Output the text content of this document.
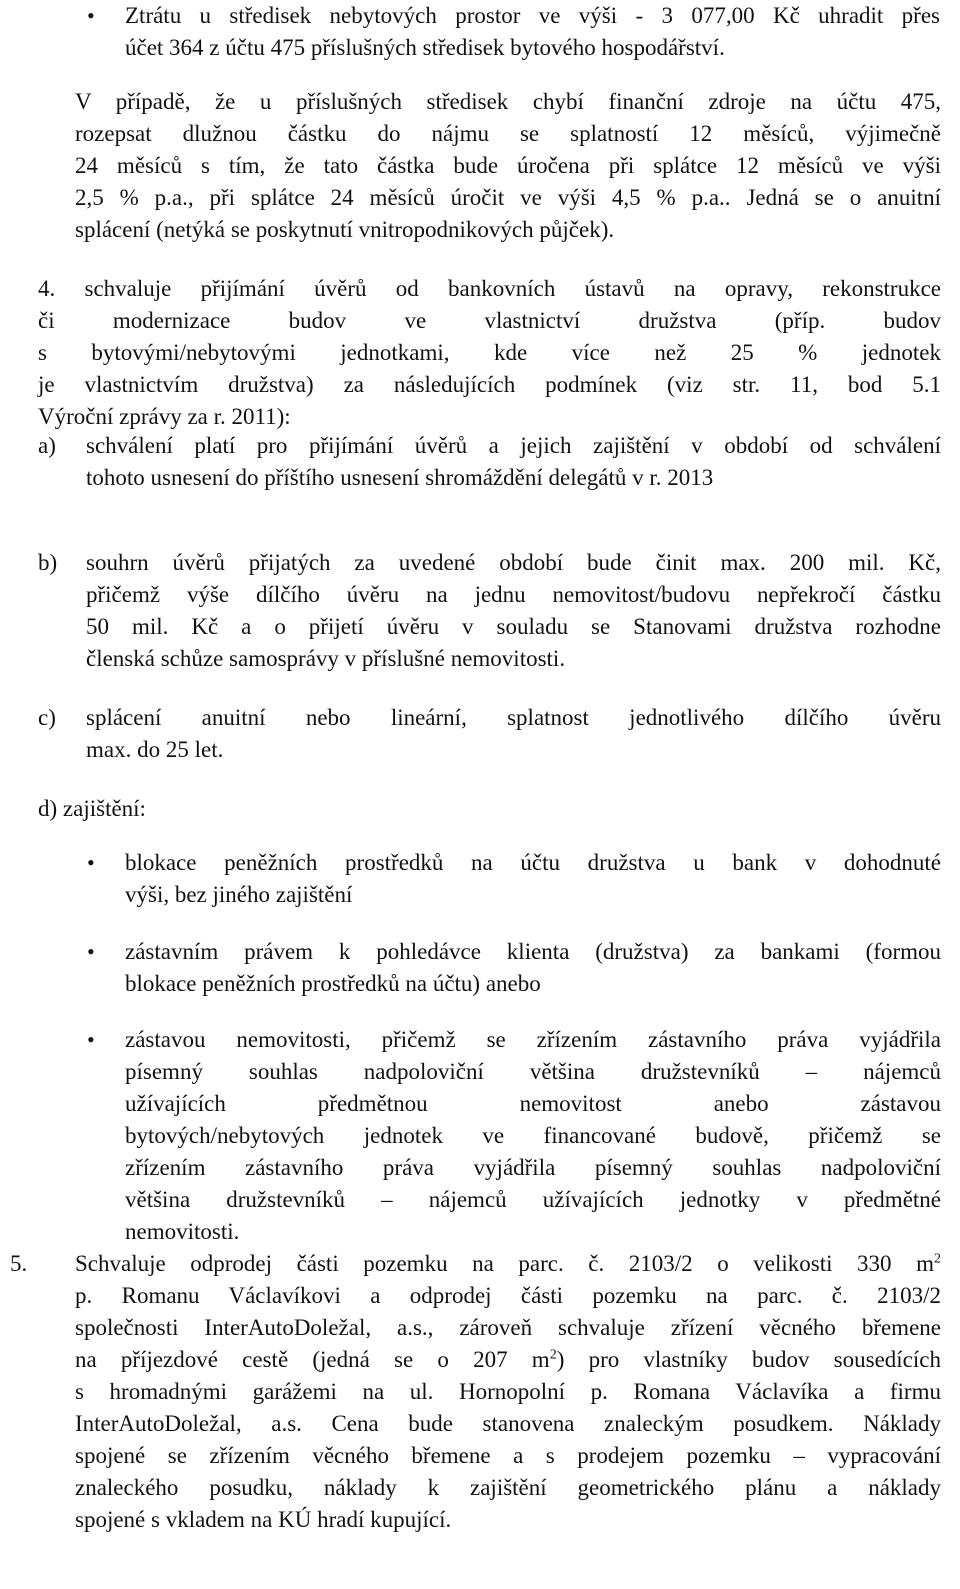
• Ztrátu u středisek nebytových prostor ve výši - 3 077,00 Kč uhradit přes
účet 364 z účtu 475 příslušných středisek bytového hospodářství.
V případě, že u příslušných středisek chybí finanční zdroje na účtu 475,
rozepsat dlužnou částku do nájmu se splatností 12 měsíců, výjimečně
24 měsíců s tím, že tato částka bude úročena při splátce 12 měsíců ve výši
2,5 % p.a., při splátce 24 měsíců úročit ve výši 4,5 % p.a.. Jedná se o anuitní
splácení (netýká se poskytnutí vnitropodnikových půjček).
4. schvaluje přijímání úvěrů od bankovních ústavů na opravy, rekonstrukce
či modernizace budov ve vlastnictví družstva (příp. budov
s bytovými/nebytovými jednotkami, kde více než 25 % jednotek
je vlastnictvím družstva) za následujících podmínek (viz str. 11, bod 5.1
Výroční zprávy za r. 2011):
a) schválení platí pro přijímání úvěrů a jejich zajištění v období od schválení
tohoto usnesení do příštího usnesení shromáždění delegátů v r. 2013
b) souhrn úvěrů přijatých za uvedené období bude činit max. 200 mil. Kč,
přičemž výše dílčího úvěru na jednu nemovitost/budovu nepřekročí částku
50 mil. Kč a o přijetí úvěru v souladu se Stanovami družstva rozhodne
členská schůze samosprávy v příslušné nemovitosti.
c) splácení anuitní nebo lineární, splatnost jednotlivého dílčího úvěru
max. do 25 let.
d) zajištění:
• blokace peněžních prostředků na účtu družstva u bank v dohodnuté
výši, bez jiného zajištění
• zástavním právem k pohledávce klienta (družstva) za bankami (formou
blokace peněžních prostředků na účtu) anebo
• zástavou nemovitosti, přičemž se zřízením zástavního práva vyjádřila
písemný souhlas nadpoloviční většina družstevníků – nájemců
užívajících předmětnou nemovitost anebo zástavou
bytových/nebytových jednotek ve financované budově, přičemž se
zřízením zástavního práva vyjádřila písemný souhlas nadpoloviční
většina družstevníků – nájemců užívajících jednotky v předmětné
nemovitosti.
5. Schvaluje odprodej části pozemku na parc. č. 2103/2 o velikosti 330 $m^2$
p. Romanu Václavíkovi a odprodej části pozemku na parc. č. 2103/2
společnosti InterAutoDoležal, a.s., zároveň schvaluje zřízení věcného břemene
na příjezdové cestě (jedná se o 207 $m^2$) pro vlastníky budov sousedících
s hromadnými garážemi na ul. Hornopolní p. Romana Václavíka a firmu
InterAutoDoležal, a.s. Cena bude stanovena znaleckým posudkem. Náklady
spojené se zřízením věcného břemene a s prodejem pozemku – vypracování
znaleckého posudku, náklady k zajištění geometrického plánu a náklady
spojené s vkladem na KÚ hradí kupující.
